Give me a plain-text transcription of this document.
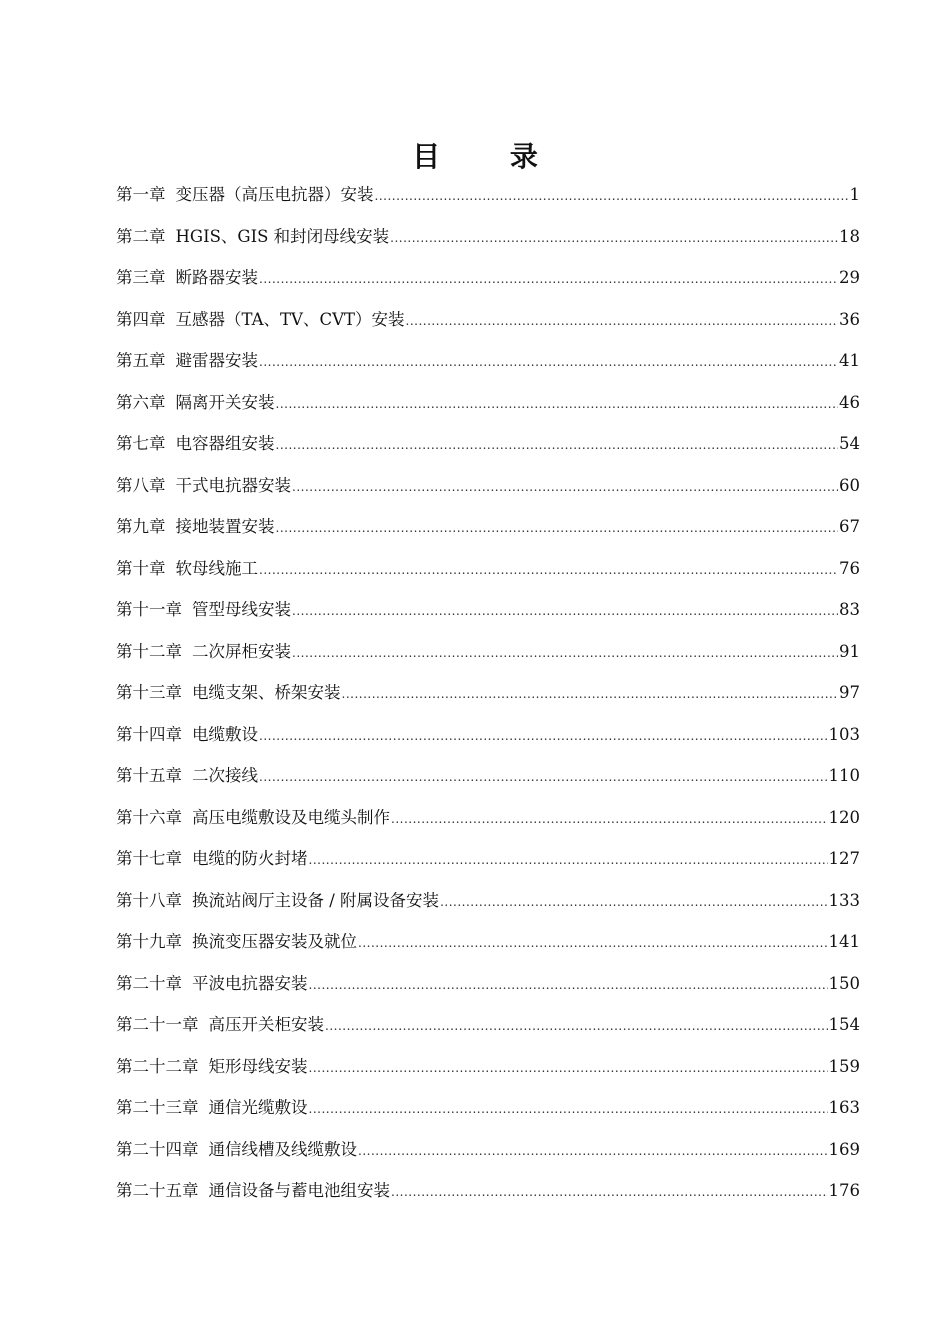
目 录
第一章 变压器（高压电抗器）安装 .....	1
第二章 HGIS、GIS 和封闭母线安装 .....	18
第三章 断路器安装 .....	29
第四章 互感器（TA、TV、CVT）安装 .....	36
第五章 避雷器安装 .....	41
第六章 隔离开关安装 .....	46
第七章 电容器组安装 .....	54
第八章 干式电抗器安装 .....	60
第九章 接地装置安装 .....	67
第十章 软母线施工 .....	76
第十一章 管型母线安装 .....	83
第十二章 二次屏柜安装 .....	91
第十三章 电缆支架、桥架安装 .....	97
第十四章 电缆敷设 .....	103
第十五章 二次接线 .....	110
第十六章 高压电缆敷设及电缆头制作 .....	120
第十七章 电缆的防火封堵 .....	127
第十八章 换流站阀厅主设备 / 附属设备安装 .....	133
第十九章 换流变压器安装及就位 .....	141
第二十章 平波电抗器安装 .....	150
第二十一章 高压开关柜安装 .....	154
第二十二章 矩形母线安装 .....	159
第二十三章 通信光缆敷设 .....	163
第二十四章 通信线槽及线缆敷设 .....	169
第二十五章 通信设备与蓄电池组安装 .....	176
